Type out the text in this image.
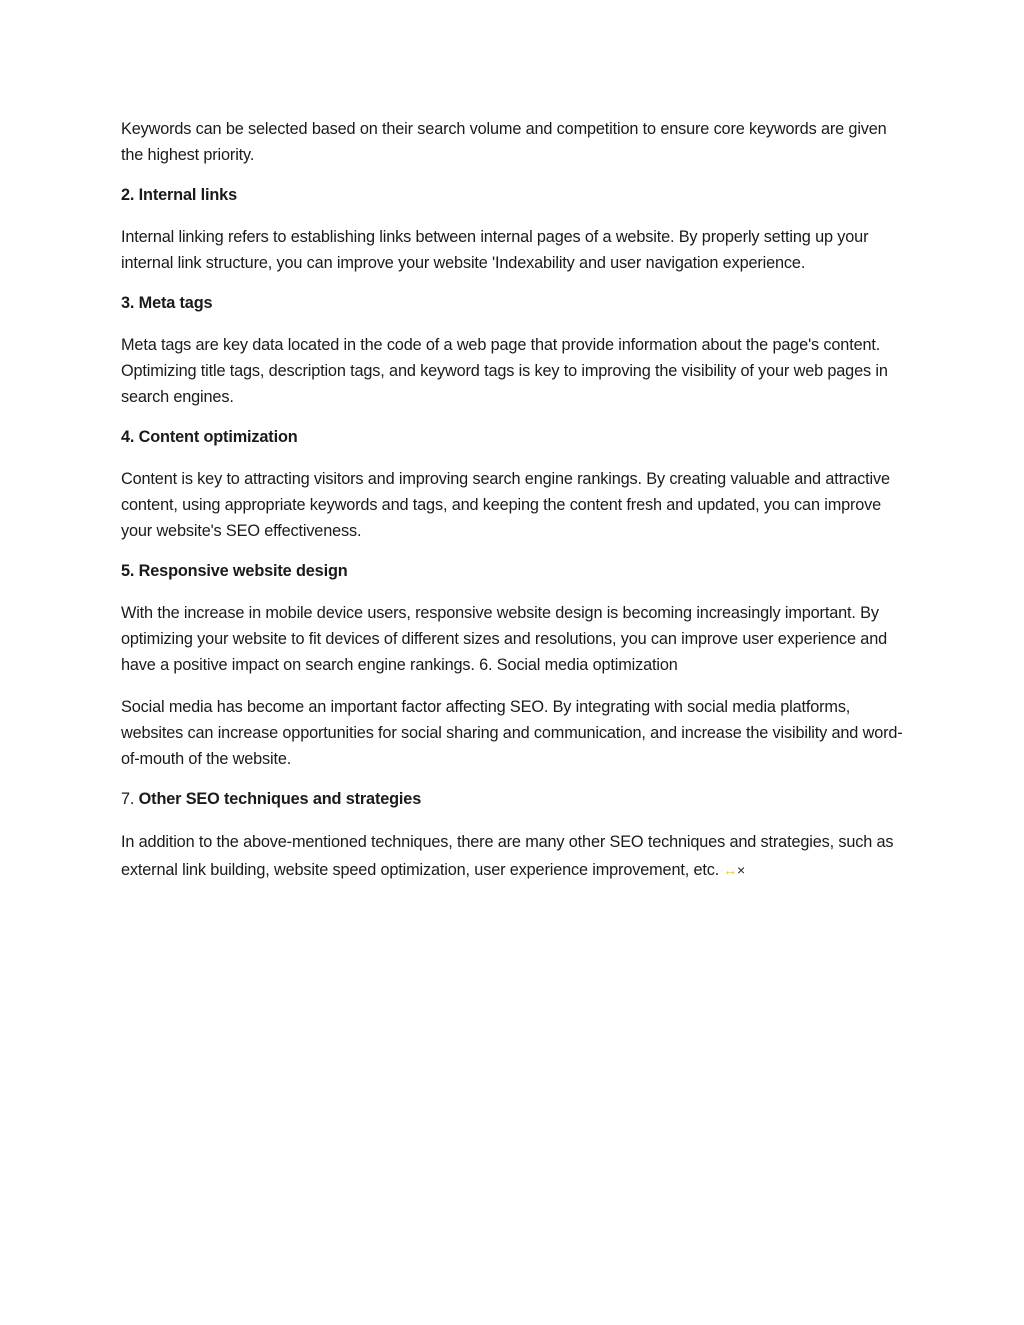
Keywords can be selected based on their search volume and competition to ensure core keywords are given the highest priority.

2. Internal links

Internal linking refers to establishing links between internal pages of a website. By properly setting up your internal link structure, you can improve your website 'Indexability and user navigation experience.

3. Meta tags

Meta tags are key data located in the code of a web page that provide information about the page's content. Optimizing title tags, description tags, and keyword tags is key to improving the visibility of your web pages in search engines.

4. Content optimization

Content is key to attracting visitors and improving search engine rankings. By creating valuable and attractive content, using appropriate keywords and tags, and keeping the content fresh and updated, you can improve your website's SEO effectiveness.

5. Responsive website design

With the increase in mobile device users, responsive website design is becoming increasingly important. By optimizing your website to fit devices of different sizes and resolutions, you can improve user experience and have a positive impact on search engine rankings. 6. Social media optimization

Social media has become an important factor affecting SEO. By integrating with social media platforms, websites can increase opportunities for social sharing and communication, and increase the visibility and word-of-mouth of the website.

7. Other SEO techniques and strategies

In addition to the above-mentioned techniques, there are many other SEO techniques and strategies, such as external link building, website speed optimization, user experience improvement, etc. ↔×
